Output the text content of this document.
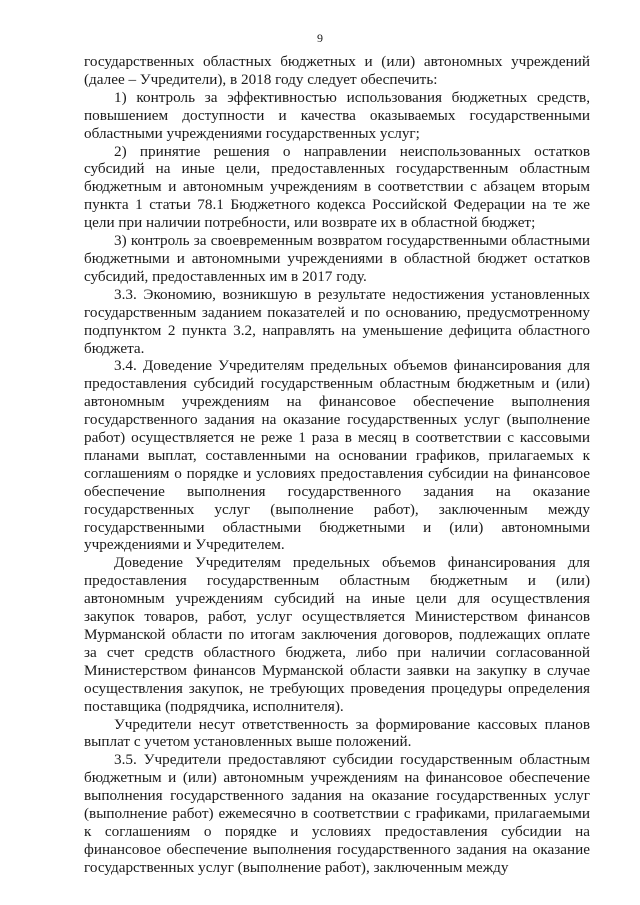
9

государственных областных бюджетных и (или) автономных учреждений (далее – Учредители), в 2018 году следует обеспечить:

1) контроль за эффективностью использования бюджетных средств, повышением доступности и качества оказываемых государственными областными учреждениями государственных услуг;

2) принятие решения о направлении неиспользованных остатков субсидий на иные цели, предоставленных государственным областным бюджетным и автономным учреждениям в соответствии с абзацем вторым пункта 1 статьи 78.1 Бюджетного кодекса Российской Федерации на те же цели при наличии потребности, или возврате их в областной бюджет;

3) контроль за своевременным возвратом государственными областными бюджетными и автономными учреждениями в областной бюджет остатков субсидий, предоставленных им в 2017 году.

3.3. Экономию, возникшую в результате недостижения установленных государственным заданием показателей и по основанию, предусмотренному подпунктом 2 пункта 3.2, направлять на уменьшение дефицита областного бюджета.

3.4. Доведение Учредителям предельных объемов финансирования для предоставления субсидий государственным областным бюджетным и (или) автономным учреждениям на финансовое обеспечение выполнения государственного задания на оказание государственных услуг (выполнение работ) осуществляется не реже 1 раза в месяц в соответствии с кассовыми планами выплат, составленными на основании графиков, прилагаемых к соглашениям о порядке и условиях предоставления субсидии на финансовое обеспечение выполнения государственного задания на оказание государственных услуг (выполнение работ), заключенным между государственными областными бюджетными и (или) автономными учреждениями и Учредителем.

Доведение Учредителям предельных объемов финансирования для предоставления государственным областным бюджетным и (или) автономным учреждениям субсидий на иные цели для осуществления закупок товаров, работ, услуг осуществляется Министерством финансов Мурманской области по итогам заключения договоров, подлежащих оплате за счет средств областного бюджета, либо при наличии согласованной Министерством финансов Мурманской области заявки на закупку в случае осуществления закупок, не требующих проведения процедуры определения поставщика (подрядчика, исполнителя).

Учредители несут ответственность за формирование кассовых планов выплат с учетом установленных выше положений.

3.5. Учредители предоставляют субсидии государственным областным бюджетным и (или) автономным учреждениям на финансовое обеспечение выполнения государственного задания на оказание государственных услуг (выполнение работ) ежемесячно в соответствии с графиками, прилагаемыми к соглашениям о порядке и условиях предоставления субсидии на финансовое обеспечение выполнения государственного задания на оказание государственных услуг (выполнение работ), заключенным между
